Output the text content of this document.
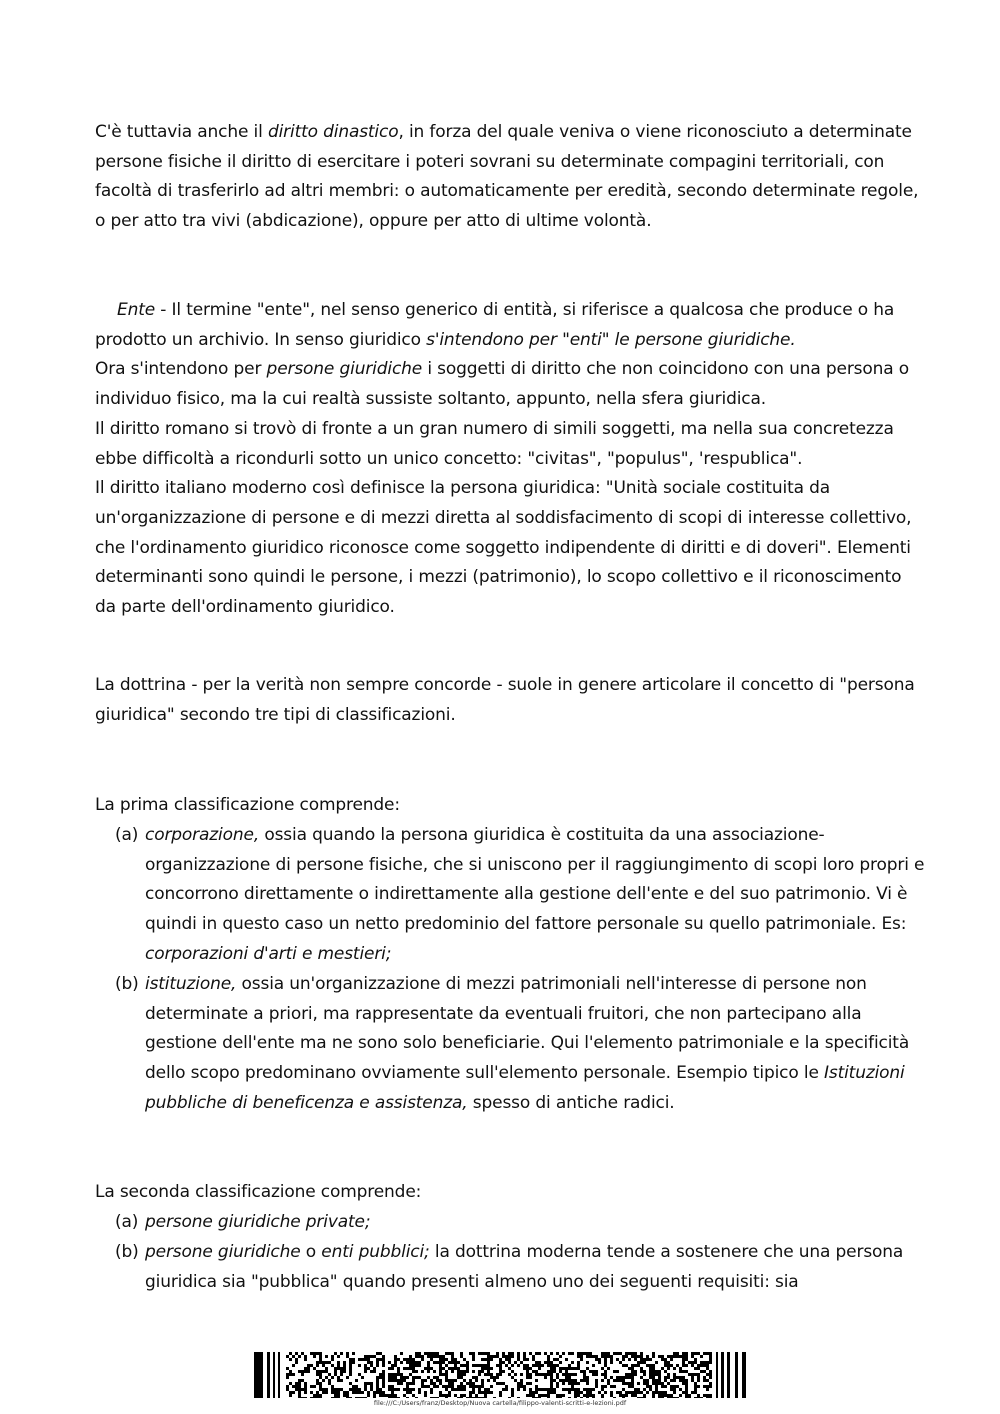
C'è tuttavia anche il diritto dinastico, in forza del quale veniva o viene riconosciuto a determinate persone fisiche il diritto di esercitare i poteri sovrani su determinate compagini territoriali, con facoltà di trasferirlo ad altri membri: o automaticamente per eredità, secondo determinate regole, o per atto tra vivi (abdicazione), oppure per atto di ultime volontà.

Ente - Il termine "ente", nel senso generico di entità, si riferisce a qualcosa che produce o ha prodotto un archivio. In senso giuridico s'intendono per "enti" le persone giuridiche.
Ora s'intendono per persone giuridiche i soggetti di diritto che non coincidono con una persona o individuo fisico, ma la cui realtà sussiste soltanto, appunto, nella sfera giuridica.
Il diritto romano si trovò di fronte a un gran numero di simili soggetti, ma nella sua concretezza ebbe difficoltà a ricondurli sotto un unico concetto: "civitas", "populus", 'respublica".
Il diritto italiano moderno così definisce la persona giuridica: "Unità sociale costituita da un'organizzazione di persone e di mezzi diretta al soddisfacimento di scopi di interesse collettivo, che l'ordinamento giuridico riconosce come soggetto indipendente di diritti e di doveri". Elementi determinanti sono quindi le persone, i mezzi (patrimonio), lo scopo collettivo e il riconoscimento da parte dell'ordinamento giuridico.

La dottrina - per la verità non sempre concorde - suole in genere articolare il concetto di "persona giuridica" secondo tre tipi di classificazioni.

La prima classificazione comprende:

(a) corporazione, ossia quando la persona giuridica è costituita da una associazione-organizzazione di persone fisiche, che si uniscono per il raggiungimento di scopi loro propri e concorrono direttamente o indirettamente alla gestione dell'ente e del suo patrimonio. Vi è quindi in questo caso un netto predominio del fattore personale su quello patrimoniale. Es: corporazioni d'arti e mestieri;
(b) istituzione, ossia un'organizzazione di mezzi patrimoniali nell'interesse di persone non determinate a priori, ma rappresentate da eventuali fruitori, che non partecipano alla gestione dell'ente ma ne sono solo beneficiarie. Qui l'elemento patrimoniale e la specificità dello scopo predominano ovviamente sull'elemento personale. Esempio tipico le Istituzioni pubbliche di beneficenza e assistenza, spesso di antiche radici.

La seconda classificazione comprende:

(a) persone giuridiche private;
(b) persone giuridiche o enti pubblici; la dottrina moderna tende a sostenere che una persona giuridica sia "pubblica" quando presenti almeno uno dei seguenti requisiti: sia
file:///C:/Users/franz/Desktop/Nuova cartella/filippo-valenti-scritti-e-lezioni.pdf
